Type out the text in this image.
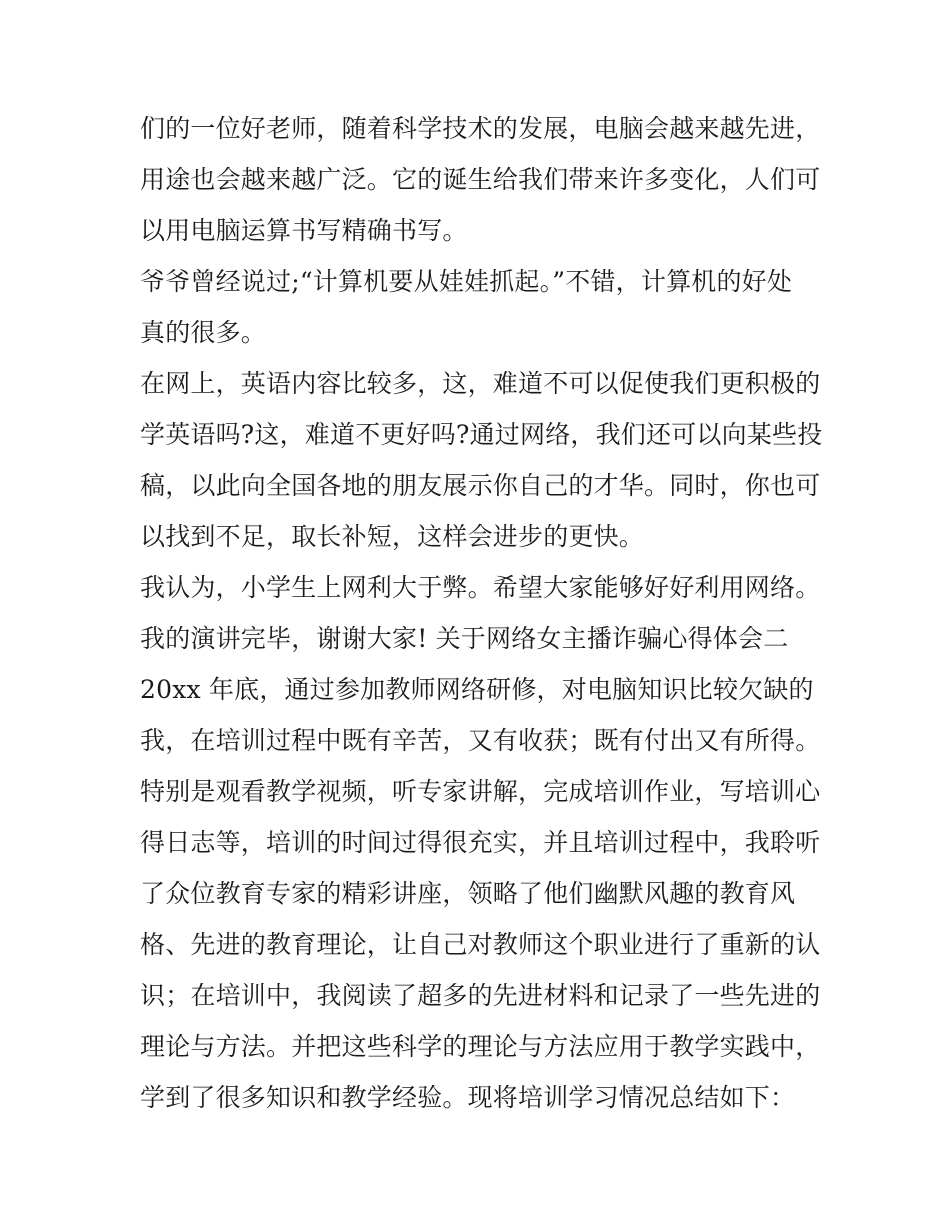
们的一位好老师，随着科学技术的发展，电脑会越来越先进，
用途也会越来越广泛。它的诞生给我们带来许多变化，人们可
以用电脑运算书写精确书写。
爷爷曾经说过;“计算机要从娃娃抓起。”不错，计算机的好处
真的很多。
在网上，英语内容比较多，这，难道不可以促使我们更积极的
学英语吗?这，难道不更好吗?通过网络，我们还可以向某些投
稿，以此向全国各地的朋友展示你自己的才华。同时，你也可
以找到不足，取长补短，这样会进步的更快。
我认为，小学生上网利大于弊。希望大家能够好好利用网络。
我的演讲完毕，谢谢大家! 关于网络女主播诈骗心得体会二
20xx 年底，通过参加教师网络研修，对电脑知识比较欠缺的
我，在培训过程中既有辛苦，又有收获；既有付出又有所得。
特别是观看教学视频，听专家讲解，完成培训作业，写培训心
得日志等，培训的时间过得很充实，并且培训过程中，我聆听
了众位教育专家的精彩讲座，领略了他们幽默风趣的教育风
格、先进的教育理论，让自己对教师这个职业进行了重新的认
识；在培训中，我阅读了超多的先进材料和记录了一些先进的
理论与方法。并把这些科学的理论与方法应用于教学实践中，
学到了很多知识和教学经验。现将培训学习情况总结如下：
